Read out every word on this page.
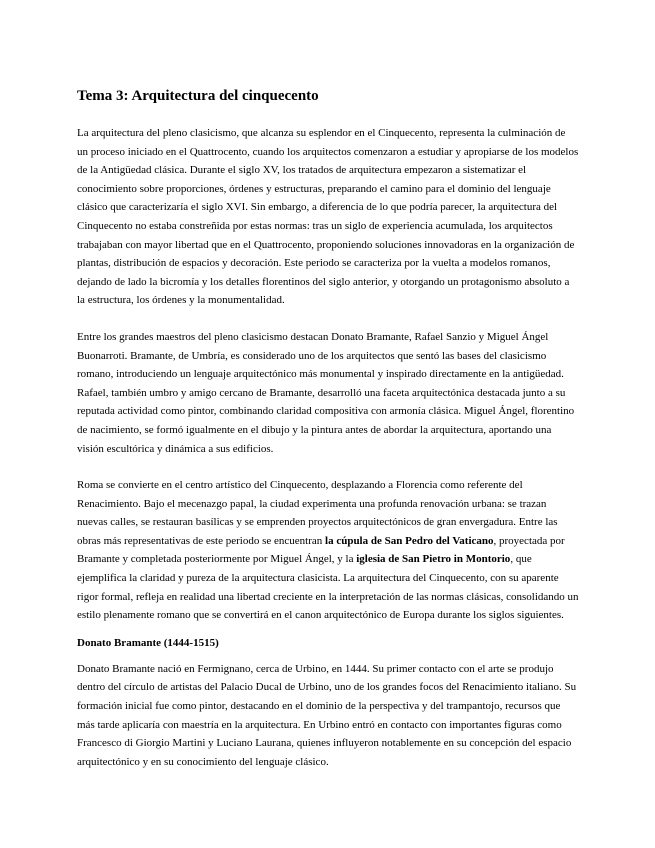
Tema 3: Arquitectura del cinquecento

La arquitectura del pleno clasicismo, que alcanza su esplendor en el Cinquecento, representa la culminación de un proceso iniciado en el Quattrocento, cuando los arquitectos comenzaron a estudiar y apropiarse de los modelos de la Antigüedad clásica. Durante el siglo XV, los tratados de arquitectura empezaron a sistematizar el conocimiento sobre proporciones, órdenes y estructuras, preparando el camino para el dominio del lenguaje clásico que caracterizaría el siglo XVI. Sin embargo, a diferencia de lo que podría parecer, la arquitectura del Cinquecento no estaba constreñida por estas normas: tras un siglo de experiencia acumulada, los arquitectos trabajaban con mayor libertad que en el Quattrocento, proponiendo soluciones innovadoras en la organización de plantas, distribución de espacios y decoración. Este periodo se caracteriza por la vuelta a modelos romanos, dejando de lado la bicromía y los detalles florentinos del siglo anterior, y otorgando un protagonismo absoluto a la estructura, los órdenes y la monumentalidad.

Entre los grandes maestros del pleno clasicismo destacan Donato Bramante, Rafael Sanzio y Miguel Ángel Buonarroti. Bramante, de Umbría, es considerado uno de los arquitectos que sentó las bases del clasicismo romano, introduciendo un lenguaje arquitectónico más monumental y inspirado directamente en la antigüedad. Rafael, también umbro y amigo cercano de Bramante, desarrolló una faceta arquitectónica destacada junto a su reputada actividad como pintor, combinando claridad compositiva con armonía clásica. Miguel Ángel, florentino de nacimiento, se formó igualmente en el dibujo y la pintura antes de abordar la arquitectura, aportando una visión escultórica y dinámica a sus edificios.

Roma se convierte en el centro artístico del Cinquecento, desplazando a Florencia como referente del Renacimiento. Bajo el mecenazgo papal, la ciudad experimenta una profunda renovación urbana: se trazan nuevas calles, se restauran basílicas y se emprenden proyectos arquitectónicos de gran envergadura. Entre las obras más representativas de este periodo se encuentran la cúpula de San Pedro del Vaticano, proyectada por Bramante y completada posteriormente por Miguel Ángel, y la iglesia de San Pietro in Montorio, que ejemplifica la claridad y pureza de la arquitectura clasicista. La arquitectura del Cinquecento, con su aparente rigor formal, refleja en realidad una libertad creciente en la interpretación de las normas clásicas, consolidando un estilo plenamente romano que se convertirá en el canon arquitectónico de Europa durante los siglos siguientes.

Donato Bramante (1444-1515)

Donato Bramante nació en Fermignano, cerca de Urbino, en 1444. Su primer contacto con el arte se produjo dentro del círculo de artistas del Palacio Ducal de Urbino, uno de los grandes focos del Renacimiento italiano. Su formación inicial fue como pintor, destacando en el dominio de la perspectiva y del trampantojo, recursos que más tarde aplicaría con maestría en la arquitectura. En Urbino entró en contacto con importantes figuras como Francesco di Giorgio Martini y Luciano Laurana, quienes influyeron notablemente en su concepción del espacio arquitectónico y en su conocimiento del lenguaje clásico.
